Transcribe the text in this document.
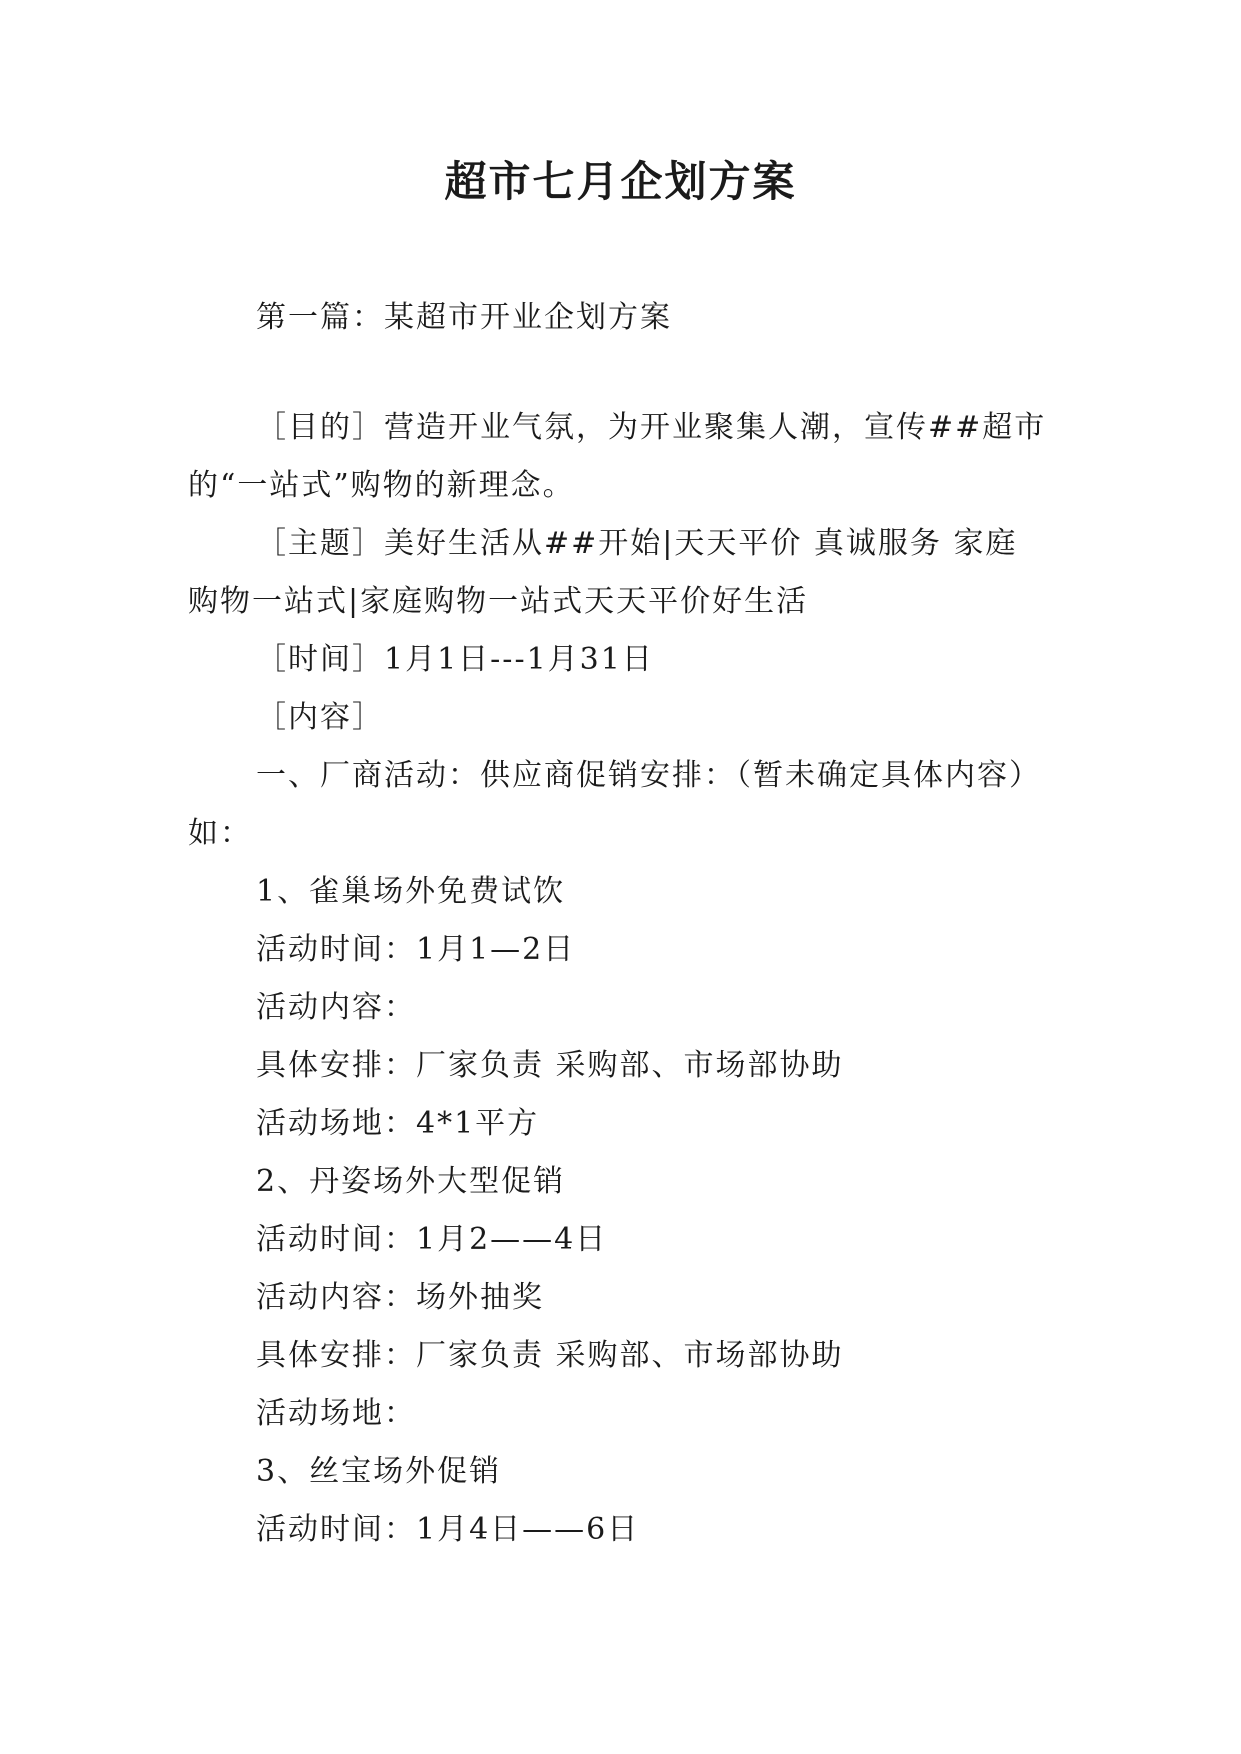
超市七月企划方案

第一篇：某超市开业企划方案

［目的］营造开业气氛，为开业聚集人潮，宣传##超市

的“一站式”购物的新理念。

［主题］美好生活从##开始|天天平价 真诚服务 家庭

购物一站式|家庭购物一站式天天平价好生活

［时间］1月1日---1月31日

［内容］

一、厂商活动：供应商促销安排：（暂未确定具体内容）

如：

1、雀巢场外免费试饮

活动时间：1月1—2日

活动内容：

具体安排：厂家负责 采购部、市场部协助

活动场地：4*1平方

2、丹姿场外大型促销

活动时间：1月2——4日

活动内容：场外抽奖

具体安排：厂家负责 采购部、市场部协助

活动场地：

3、丝宝场外促销

活动时间：1月4日——6日
